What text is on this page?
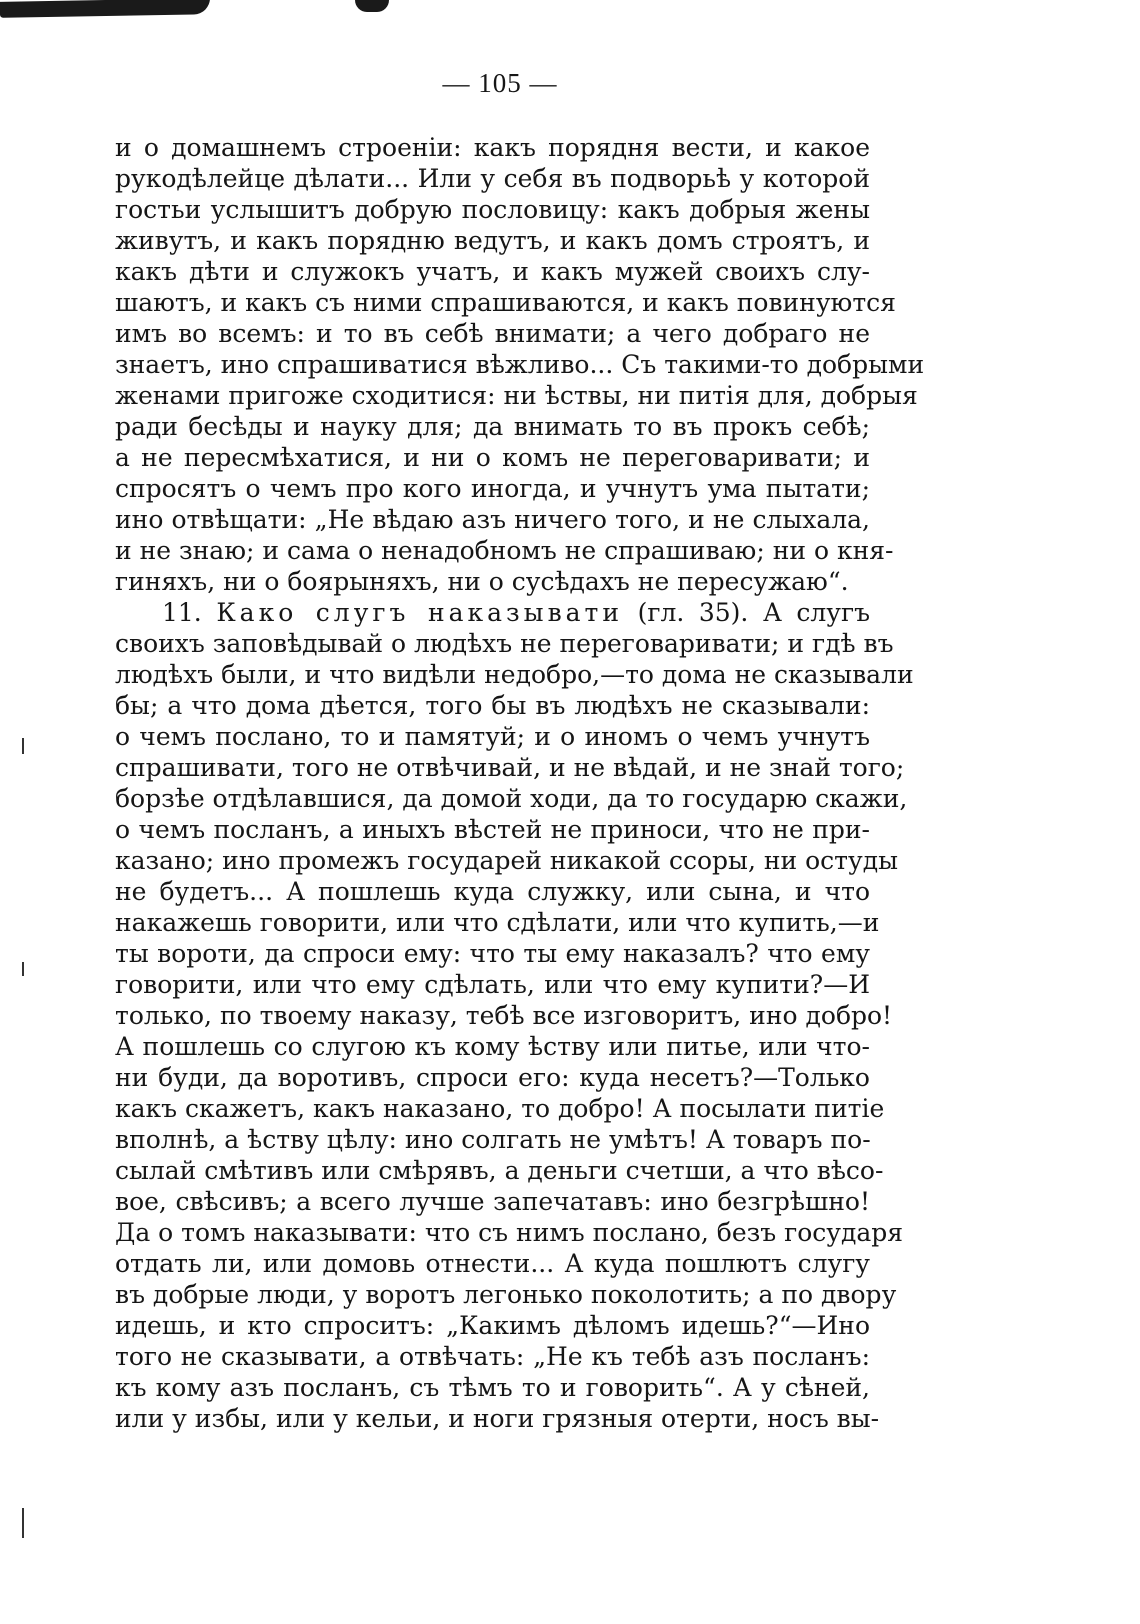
— 105 —
и о домашнемъ строеніи: какъ порядня вести, и какое
рукодѣлейце дѣлати... Или у себя въ подворьѣ у которой
гостьи услышитъ добрую пословицу: какъ добрыя жены
живутъ, и какъ порядню ведутъ, и какъ домъ строятъ, и
какъ дѣти и служокъ учатъ, и какъ мужей своихъ слу-
шаютъ, и какъ съ ними спрашиваются, и какъ повинуются
имъ во всемъ: и то въ себѣ внимати; а чего добраго не
знаетъ, ино спрашиватися вѣжливо... Съ такими-то добрыми
женами пригоже сходитися: ни ѣствы, ни питія для, добрыя
ради бесѣды и науку для; да внимать то въ прокъ себѣ;
а не пересмѣхатися, и ни о комъ не переговаривати; и
спросятъ о чемъ про кого иногда, и учнутъ ума пытати;
ино отвѣщати: „Не вѣдаю азъ ничего того, и не слыхала,
и не знаю; и сама о ненадобномъ не спрашиваю; ни о кня-
гиняхъ, ни о боярыняхъ, ни о сусѣдахъ не пересужаю“.
11. Како слугъ наказывати (гл. 35). А слугъ
своихъ заповѣдывай о людѣхъ не переговаривати; и гдѣ въ
людѣхъ были, и что видѣли недобро,—то дома не сказывали
бы; а что дома дѣется, того бы въ людѣхъ не сказывали:
о чемъ послано, то и памятуй; и о иномъ о чемъ учнутъ
спрашивати, того не отвѣчивай, и не вѣдай, и не знай того;
борзѣе отдѣлавшися, да домой ходи, да то государю скажи,
о чемъ посланъ, а иныхъ вѣстей не приноси, что не при-
казано; ино промежъ государей никакой ссоры, ни остуды
не будетъ... А пошлешь куда служку, или сына, и что
накажешь говорити, или что сдѣлати, или что купить,—и
ты вороти, да спроси ему: что ты ему наказалъ? что ему
говорити, или что ему сдѣлать, или что ему купити?—И
только, по твоему наказу, тебѣ все изговоритъ, ино добро!
А пошлешь со слугою къ кому ѣству или питье, или что-
ни буди, да воротивъ, спроси его: куда несетъ?—Только
какъ скажетъ, какъ наказано, то добро! А посылати питіе
вполнѣ, а ѣству цѣлу: ино солгать не умѣтъ! А товаръ по-
сылай смѣтивъ или смѣрявъ, а деньги счетши, а что вѣсо-
вое, свѣсивъ; а всего лучше запечатавъ: ино безгрѣшно!
Да о томъ наказывати: что съ нимъ послано, безъ государя
отдать ли, или домовь отнести... А куда пошлютъ слугу
въ добрые люди, у воротъ легонько поколотить; а по двору
идешь, и кто спроситъ: „Какимъ дѣломъ идешь?“—Ино
того не сказывати, а отвѣчать: „Не къ тебѣ азъ посланъ:
къ кому азъ посланъ, съ тѣмъ то и говорить“. А у сѣней,
или у избы, или у кельи, и ноги грязныя отерти, носъ вы-
